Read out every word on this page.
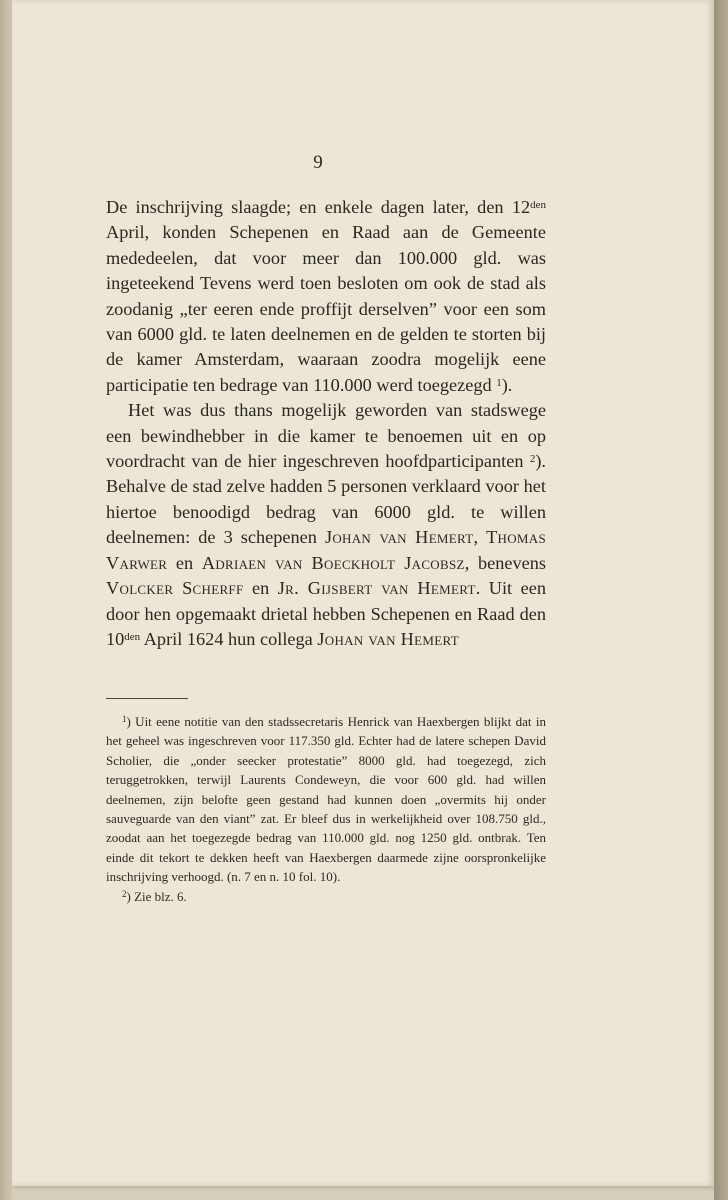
9

De inschrijving slaagde; en enkele dagen later, den $12^{den}$ April, konden Schepenen en Raad aan de Gemeente mededeelen, dat voor meer dan 100.000 gld. was ingeteekend Tevens werd toen besloten om ook de stad als zoodanig „ter eeren ende proffijt derselven” voor een som van 6000 gld. te laten deelnemen en de gelden te storten bij de kamer Amsterdam, waaraan zoodra mogelijk eene participatie ten bedrage van 110.000 werd toegezegd $^1$).

Het was dus thans mogelijk geworden van stadswege een bewindhebber in die kamer te benoemen uit en op voordracht van de hier ingeschreven hoofdparticipanten $^2$). Behalve de stad zelve hadden 5 personen verklaard voor het hiertoe benoodigd bedrag van 6000 gld. te willen deelnemen: de 3 schepenen Johan van Hemert, Thomas Varwer en Adriaen van Boeckholt Jacobsz, benevens Volcker Scherff en Jr. Gijsbert van Hemert. Uit een door hen opgemaakt drietal hebben Schepenen en Raad den $10^{den}$ April 1624 hun collega Johan van Hemert

$^1$) Uit eene notitie van den stadssecretaris Henrick van Haexbergen blijkt dat in het geheel was ingeschreven voor 117.350 gld. Echter had de latere schepen David Scholier, die „onder seecker protestatie” 8000 gld. had toegezegd, zich teruggetrokken, terwijl Laurents Condeweyn, die voor 600 gld. had willen deelnemen, zijn belofte geen gestand had kunnen doen „overmits hij onder sauveguarde van den viant” zat. Er bleef dus in werkelijkheid over 108.750 gld., zoodat aan het toegezegde bedrag van 110.000 gld. nog 1250 gld. ontbrak. Ten einde dit tekort te dekken heeft van Haexbergen daarmede zijne oorspronkelijke inschrijving verhoogd. (n. 7 en n. 10 fol. 10).

$^2$) Zie blz. 6.
